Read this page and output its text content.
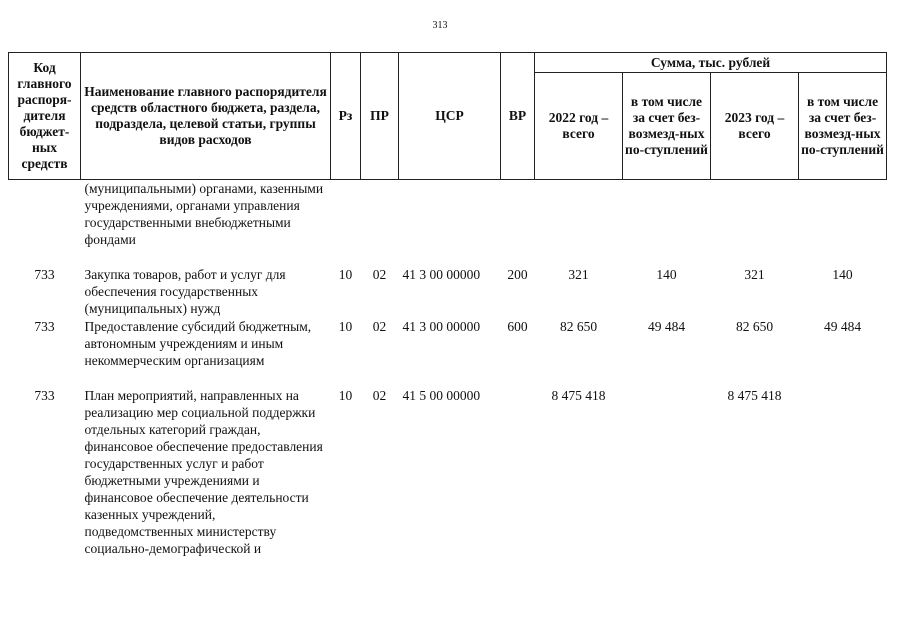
313
Код главного распоря-дителя бюджет-ных средств	Наименование главного распорядителя средств областного бюджета, раздела, подраздела, целевой статьи, группы видов расходов	Рз	ПР	ЦСР	ВР	Сумма, тыс. рублей			
						2022 год – всего	в том числе за счет без-возмезд-ных по-ступлений	2023 год – всего	в том числе за счет без-возмезд-ных по-ступлений
	(муниципальными) органами, казенными учреждениями, органами управления государственными внебюджетными фондами								
733	Закупка товаров, работ и услуг для обеспечения государственных (муниципальных) нужд	10	02	41 3 00 00000	200	321	140	321	140
733	Предоставление субсидий бюджетным, автономным учреждениям и иным некоммерческим организациям	10	02	41 3 00 00000	600	82 650	49 484	82 650	49 484
733	План мероприятий, направленных на реализацию мер социальной поддержки отдельных категорий граждан, финансовое обеспечение предоставления государственных услуг и работ бюджетными учреждениями и финансовое обеспечение деятельности казенных учреждений, подведомственных министерству социально-демографической и	10	02	41 5 00 00000		8 475 418		8 475 418	
